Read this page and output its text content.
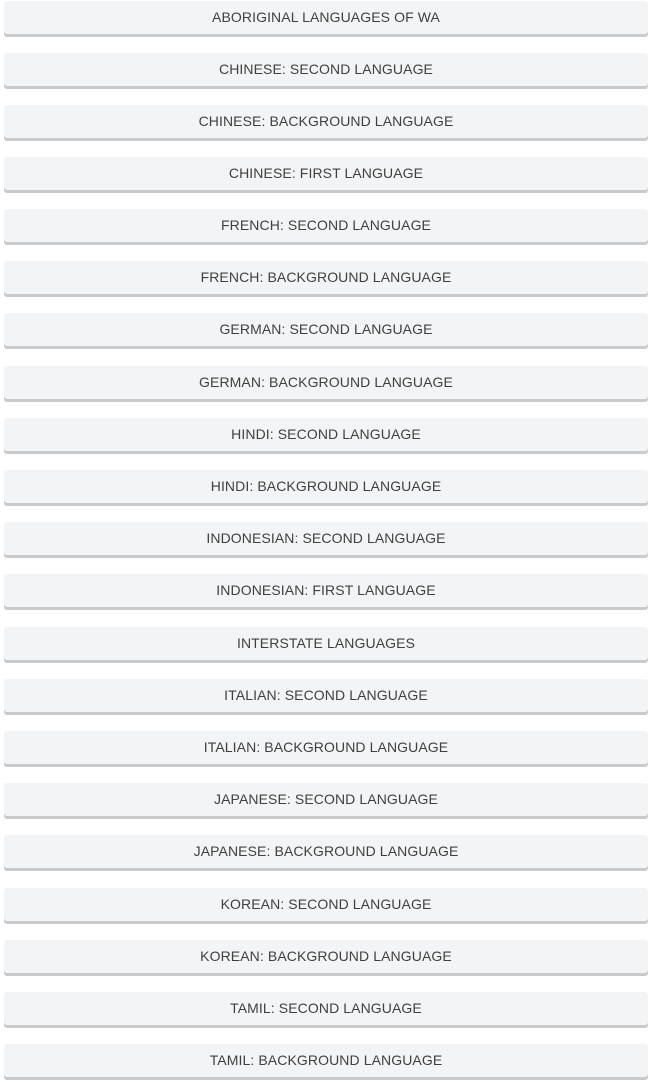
ABORIGINAL LANGUAGES OF WA
CHINESE: SECOND LANGUAGE
CHINESE: BACKGROUND LANGUAGE
CHINESE: FIRST LANGUAGE
FRENCH: SECOND LANGUAGE
FRENCH: BACKGROUND LANGUAGE
GERMAN: SECOND LANGUAGE
GERMAN: BACKGROUND LANGUAGE
HINDI: SECOND LANGUAGE
HINDI: BACKGROUND LANGUAGE
INDONESIAN: SECOND LANGUAGE
INDONESIAN: FIRST LANGUAGE
INTERSTATE LANGUAGES
ITALIAN: SECOND LANGUAGE
ITALIAN: BACKGROUND LANGUAGE
JAPANESE: SECOND LANGUAGE
JAPANESE: BACKGROUND LANGUAGE
KOREAN: SECOND LANGUAGE
KOREAN: BACKGROUND LANGUAGE
TAMIL: SECOND LANGUAGE
TAMIL: BACKGROUND LANGUAGE
